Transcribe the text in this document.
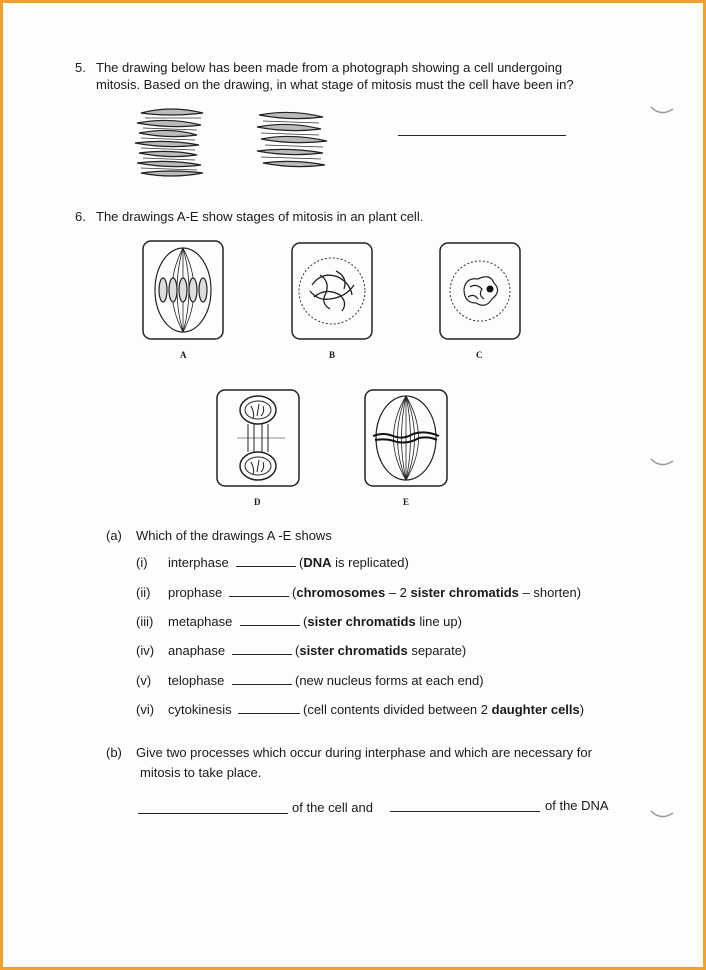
5. The drawing below has been made from a photograph showing a cell undergoing
mitosis. Based on the drawing, in what stage of mitosis must the cell have been in?
6. The drawings A-E show stages of mitosis in an plant cell.
A	B	C
D	E
(a) Which of the drawings A -E shows
(i) interphase	(DNA is replicated)
(ii) prophase	(chromosomes – 2 sister chromatids – shorten)
(iii) metaphase	(sister chromatids line up)
(iv) anaphase	(sister chromatids separate)
(v) telophase	(new nucleus forms at each end)
(vi) cytokinesis	(cell contents divided between 2 daughter cells)
(b) Give two processes which occur during interphase and which are necessary for
mitosis to take place.
of the cell and	of the DNA
